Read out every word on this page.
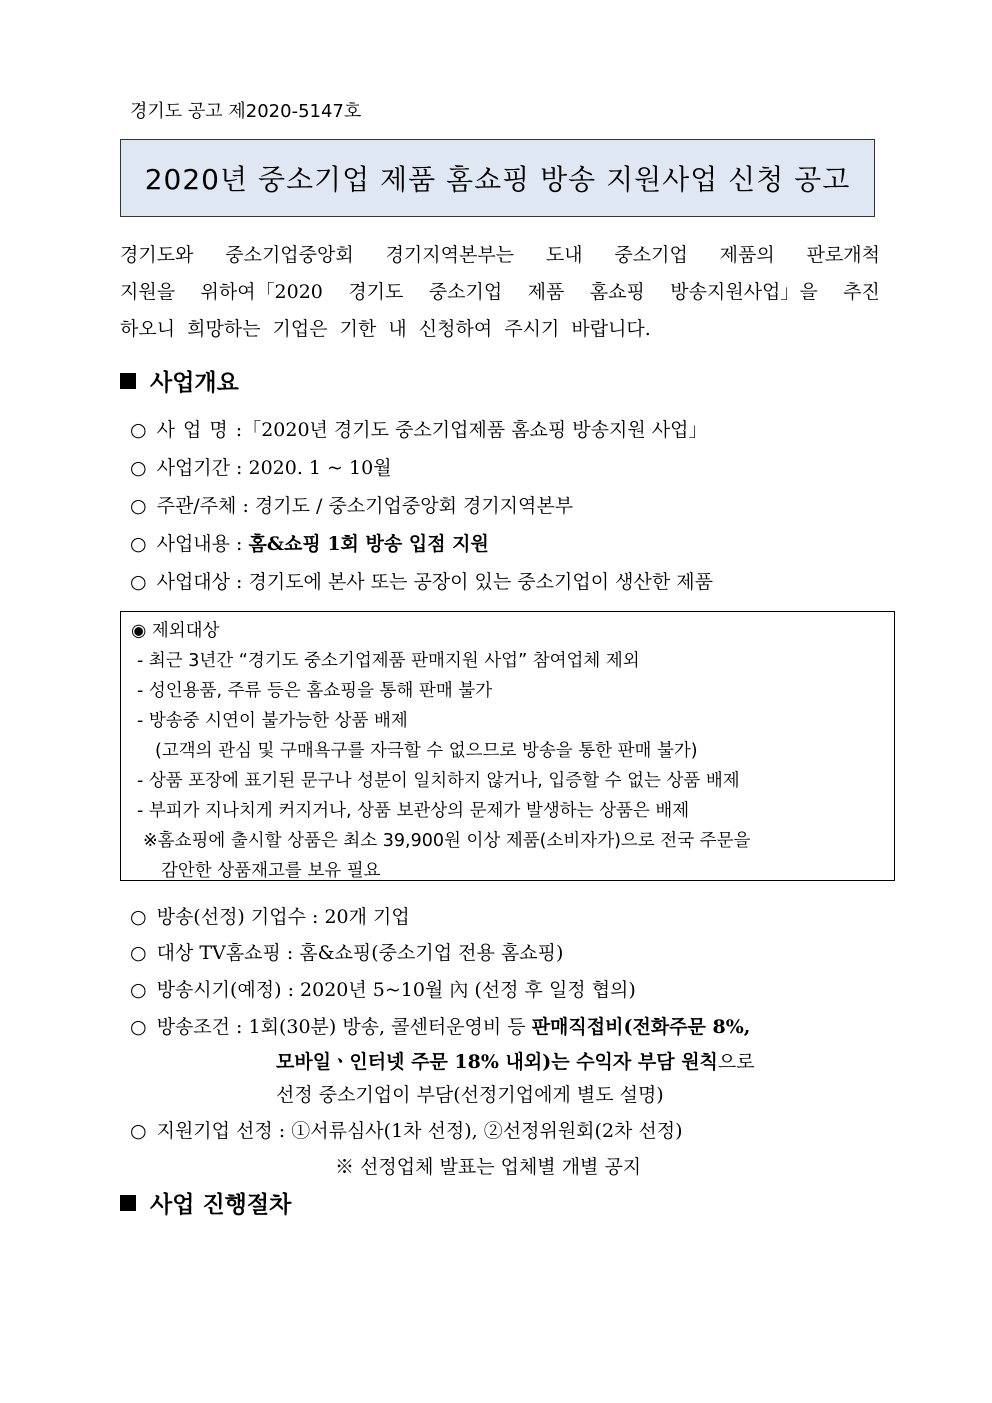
경기도 공고 제2020-5147호
2020년 중소기업 제품 홈쇼핑 방송 지원사업 신청 공고
경기도와 중소기업중앙회 경기지역본부는 도내 중소기업 제품의 판로개척
지원을 위하여「2020 경기도 중소기업 제품 홈쇼핑 방송지원사업」을 추진
하오니 희망하는 기업은 기한 내 신청하여 주시기 바랍니다.
사업개요
○ 사 업 명 :「2020년 경기도 중소기업제품 홈쇼핑 방송지원 사업」
○ 사업기간 : 2020. 1 ~ 10월
○ 주관/주체 : 경기도 / 중소기업중앙회 경기지역본부
○ 사업내용 : 홈&쇼핑 1회 방송 입점 지원
○ 사업대상 : 경기도에 본사 또는 공장이 있는 중소기업이 생산한 제품
◉ 제외대상
- 최근 3년간 “경기도 중소기업제품 판매지원 사업” 참여업체 제외
- 성인용품, 주류 등은 홈쇼핑을 통해 판매 불가
- 방송중 시연이 불가능한 상품 배제
(고객의 관심 및 구매욕구를 자극할 수 없으므로 방송을 통한 판매 불가)
- 상품 포장에 표기된 문구나 성분이 일치하지 않거나, 입증할 수 없는 상품 배제
- 부피가 지나치게 커지거나, 상품 보관상의 문제가 발생하는 상품은 배제
※홈쇼핑에 출시할 상품은 최소 39,900원 이상 제품(소비자가)으로 전국 주문을
감안한 상품재고를 보유 필요
○ 방송(선정) 기업수 : 20개 기업
○ 대상 TV홈쇼핑 : 홈&쇼핑(중소기업 전용 홈쇼핑)
○ 방송시기(예정) : 2020년 5~10월 內 (선정 후 일정 협의)
○ 방송조건 : 1회(30분) 방송, 콜센터운영비 등 판매직접비(전화주문 8%,
모바일ㆍ인터넷 주문 18% 내외)는 수익자 부담 원칙으로
선정 중소기업이 부담(선정기업에게 별도 설명)
○ 지원기업 선정 : ①서류심사(1차 선정), ②선정위원회(2차 선정)
※ 선정업체 발표는 업체별 개별 공지
사업 진행절차
